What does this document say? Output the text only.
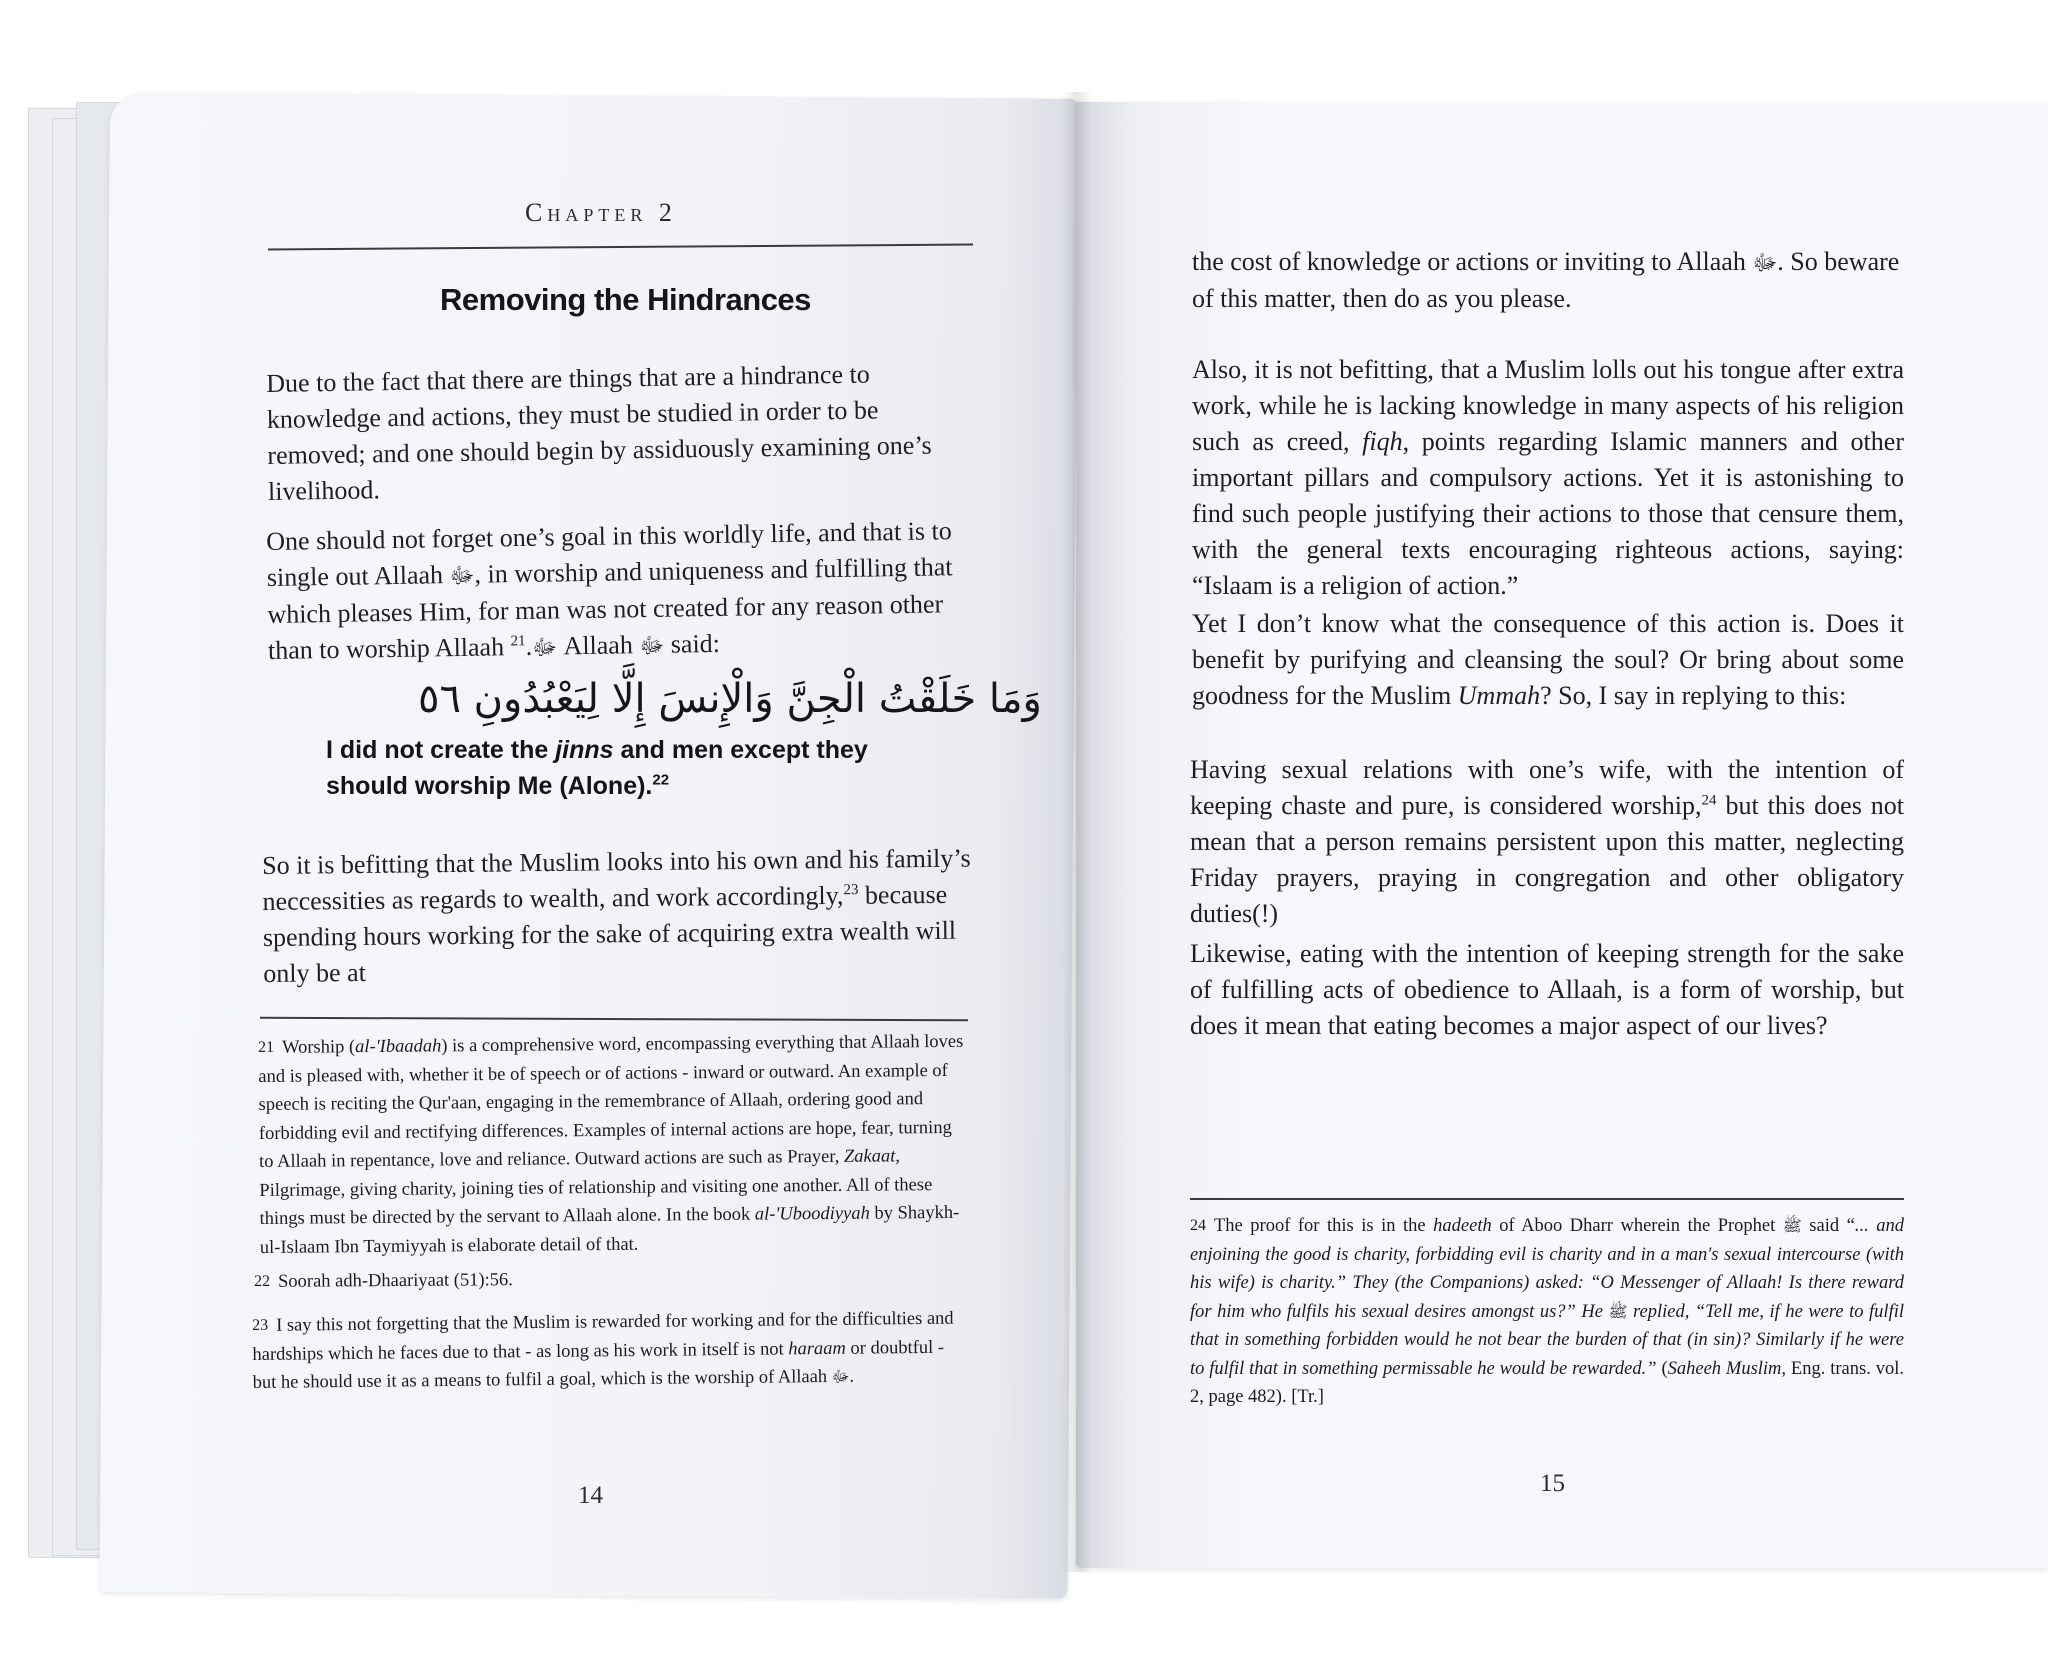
Chapter 2
Removing the Hindrances
Due to the fact that there are things that are a hindrance to knowledge and actions, they must be studied in order to be removed; and one should begin by assiduously examining one’s livelihood.
One should not forget one’s goal in this worldly life, and that is to single out Allaah ﷻ, in worship and uniqueness and fulfilling that which pleases Him, for man was not created for any reason other than to worship Allaah ﷻ.$^{21}$ Allaah ﷻ said:
وَمَا خَلَقْتُ الْجِنَّ وَالْإِنسَ إِلَّا لِيَعْبُدُونِ ٥٦
I did not create the jinns and men except they should worship Me (Alone).$^{22}$
So it is befitting that the Muslim looks into his own and his family’s neccessities as regards to wealth, and work accordingly,$^{23}$ because spending hours working for the sake of acquiring extra wealth will only be at
21 Worship (al-'Ibaadah) is a comprehensive word, encompassing everything that Allaah loves and is pleased with, whether it be of speech or of actions - inward or outward. An example of speech is reciting the Qur'aan, engaging in the remembrance of Allaah, ordering good and forbidding evil and rectifying differences. Examples of internal actions are hope, fear, turning to Allaah in repentance, love and reliance. Outward actions are such as Prayer, Zakaat, Pilgrimage, giving charity, joining ties of relationship and visiting one another. All of these things must be directed by the servant to Allaah alone. In the book al-'Uboodiyyah by Shaykh-ul-Islaam Ibn Taymiyyah is elaborate detail of that.
22 Soorah adh-Dhaariyaat (51):56.
23 I say this not forgetting that the Muslim is rewarded for working and for the difficulties and hardships which he faces due to that - as long as his work in itself is not haraam or doubtful - but he should use it as a means to fulfil a goal, which is the worship of Allaah ﷻ.
14
the cost of knowledge or actions or inviting to Allaah ﷻ. So beware of this matter, then do as you please.
Also, it is not befitting, that a Muslim lolls out his tongue after extra work, while he is lacking knowledge in many aspects of his religion such as creed, fiqh, points regarding Islamic manners and other important pillars and compulsory actions. Yet it is astonishing to find such people justifying their actions to those that censure them, with the general texts encouraging righteous actions, saying: “Islaam is a religion of action.”
Yet I don’t know what the consequence of this action is. Does it benefit by purifying and cleansing the soul? Or bring about some goodness for the Muslim Ummah? So, I say in replying to this:
Having sexual relations with one’s wife, with the intention of keeping chaste and pure, is considered worship,$^{24}$ but this does not mean that a person remains persistent upon this matter, neglecting Friday prayers, praying in congregation and other obligatory duties(!)
Likewise, eating with the intention of keeping strength for the sake of fulfilling acts of obedience to Allaah, is a form of worship, but does it mean that eating becomes a major aspect of our lives?
24 The proof for this is in the hadeeth of Aboo Dharr wherein the Prophet ﷺ said “... and enjoining the good is charity, forbidding evil is charity and in a man's sexual intercourse (with his wife) is charity.” They (the Companions) asked: “O Messenger of Allaah! Is there reward for him who fulfils his sexual desires amongst us?” He ﷺ replied, “Tell me, if he were to fulfil that in something forbidden would he not bear the burden of that (in sin)? Similarly if he were to fulfil that in something permissable he would be rewarded.” (Saheeh Muslim, Eng. trans. vol. 2, page 482). [Tr.]
15
